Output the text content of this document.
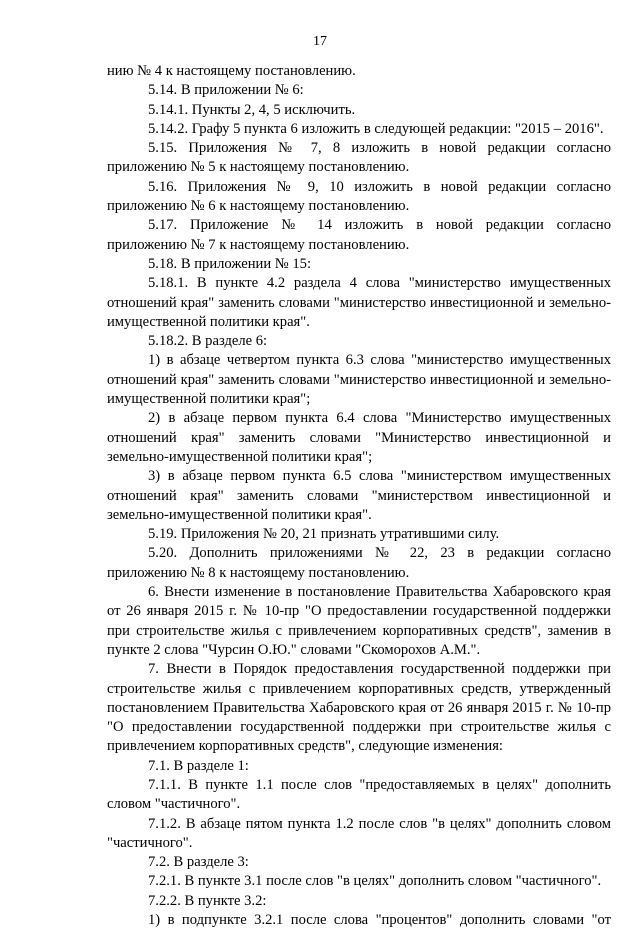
17

нию № 4 к настоящему постановлению.

5.14. В приложении № 6:

5.14.1. Пункты 2, 4, 5 исключить.

5.14.2. Графу 5 пункта 6 изложить в следующей редакции: "2015 – 2016".

5.15. Приложения № 7, 8 изложить в новой редакции согласно приложению № 5 к настоящему постановлению.

5.16. Приложения № 9, 10 изложить в новой редакции согласно приложению № 6 к настоящему постановлению.

5.17. Приложение № 14 изложить в новой редакции согласно приложению № 7 к настоящему постановлению.

5.18. В приложении № 15:

5.18.1. В пункте 4.2 раздела 4 слова "министерство имущественных отношений края" заменить словами "министерство инвестиционной и земельно-имущественной политики края".

5.18.2. В разделе 6:

1) в абзаце четвертом пункта 6.3 слова "министерство имущественных отношений края" заменить словами "министерство инвестиционной и земельно-имущественной политики края";

2) в абзаце первом пункта 6.4 слова "Министерство имущественных отношений края" заменить словами "Министерство инвестиционной и земельно-имущественной политики края";

3) в абзаце первом пункта 6.5 слова "министерством имущественных отношений края" заменить словами "министерством инвестиционной и земельно-имущественной политики края".

5.19. Приложения № 20, 21 признать утратившими силу.

5.20. Дополнить приложениями № 22, 23 в редакции согласно приложению № 8 к настоящему постановлению.

6. Внести изменение в постановление Правительства Хабаровского края от 26 января 2015 г. № 10-пр "О предоставлении государственной поддержки при строительстве жилья с привлечением корпоративных средств", заменив в пункте 2 слова "Чурсин О.Ю." словами "Скоморохов А.М.".

7. Внести в Порядок предоставления государственной поддержки при строительстве жилья с привлечением корпоративных средств, утвержденный постановлением Правительства Хабаровского края от 26 января 2015 г. № 10-пр "О предоставлении государственной поддержки при строительстве жилья с привлечением корпоративных средств", следующие изменения:

7.1. В разделе 1:

7.1.1. В пункте 1.1 после слов "предоставляемых в целях" дополнить словом "частичного".

7.1.2. В абзаце пятом пункта 1.2 после слов "в целях" дополнить словом "частичного".

7.2. В разделе 3:

7.2.1. В пункте 3.1 после слов "в целях" дополнить словом "частичного".

7.2.2. В пункте 3.2:

1) в подпункте 3.2.1 после слова "процентов" дополнить словами "от
